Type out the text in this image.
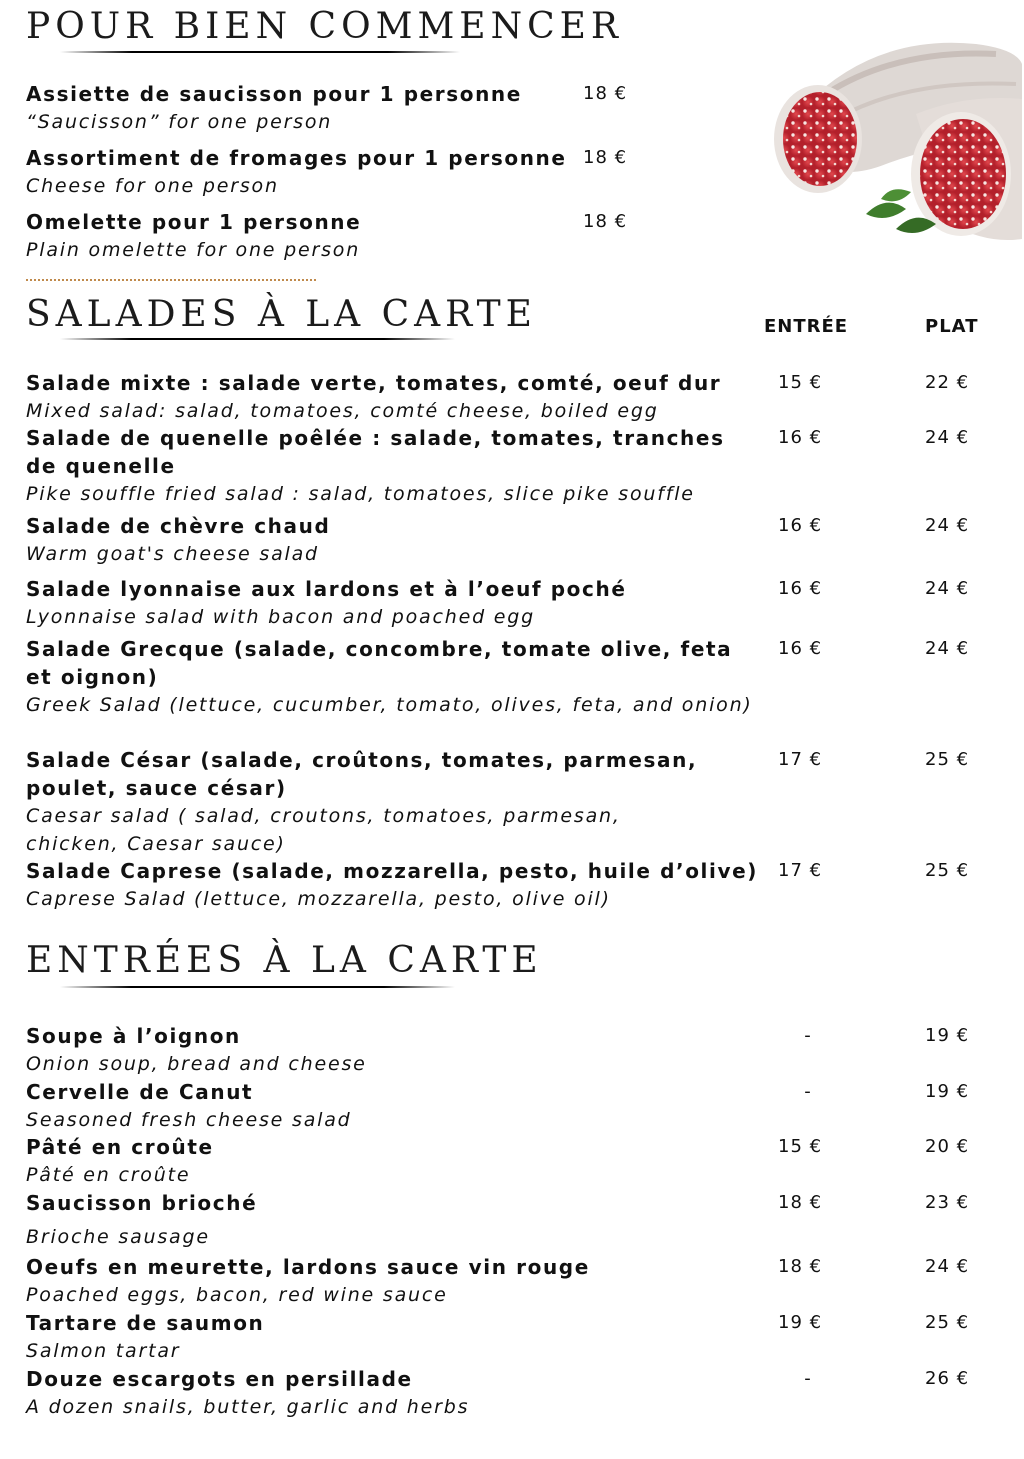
POUR BIEN COMMENCER

Assiette de saucisson pour 1 personne

“Saucisson” for one person

18 €

Assortiment de fromages pour 1 personne

Cheese for one person

18 €

Omelette pour 1 personne

Plain omelette for one person

18 €
SALADES À LA CARTE	ENTRÉE	PLAT

Salade mixte : salade verte, tomates, comté, oeuf dur

Mixed salad: salad, tomatoes, comté cheese, boiled egg

15 €	22 €

Salade de quenelle poêlée : salade, tomates, tranches de quenelle

Pike souffle fried salad : salad, tomatoes, slice pike souffle

16 €	24 €

Salade de chèvre chaud

Warm goat's cheese salad

16 €	24 €

Salade lyonnaise aux lardons et à l’oeuf poché

Lyonnaise salad with bacon and poached egg

16 €	24 €

Salade Grecque (salade, concombre, tomate olive, feta et oignon)

Greek Salad (lettuce, cucumber, tomato, olives, feta, and onion)

16 €	24 €

Salade César (salade, croûtons, tomates, parmesan, poulet, sauce césar)

Caesar salad ( salad, croutons, tomatoes, parmesan, chicken, Caesar sauce)

17 €	25 €

Salade Caprese (salade, mozzarella, pesto, huile d’olive)

Caprese Salad (lettuce, mozzarella, pesto, olive oil)

17 €	25 €
ENTRÉES À LA CARTE

Soupe à l’oignon

Onion soup, bread and cheese

-	19 €

Cervelle de Canut

Seasoned fresh cheese salad

-	19 €

Pâté en croûte

Pâté en croûte

15 €	20 €

Saucisson brioché

Brioche sausage

18 €	23 €

Oeufs en meurette, lardons sauce vin rouge

Poached eggs, bacon, red wine sauce

18 €	24 €

Tartare de saumon

Salmon tartar

19 €	25 €

Douze escargots en persillade

A dozen snails, butter, garlic and herbs

-	26 €
